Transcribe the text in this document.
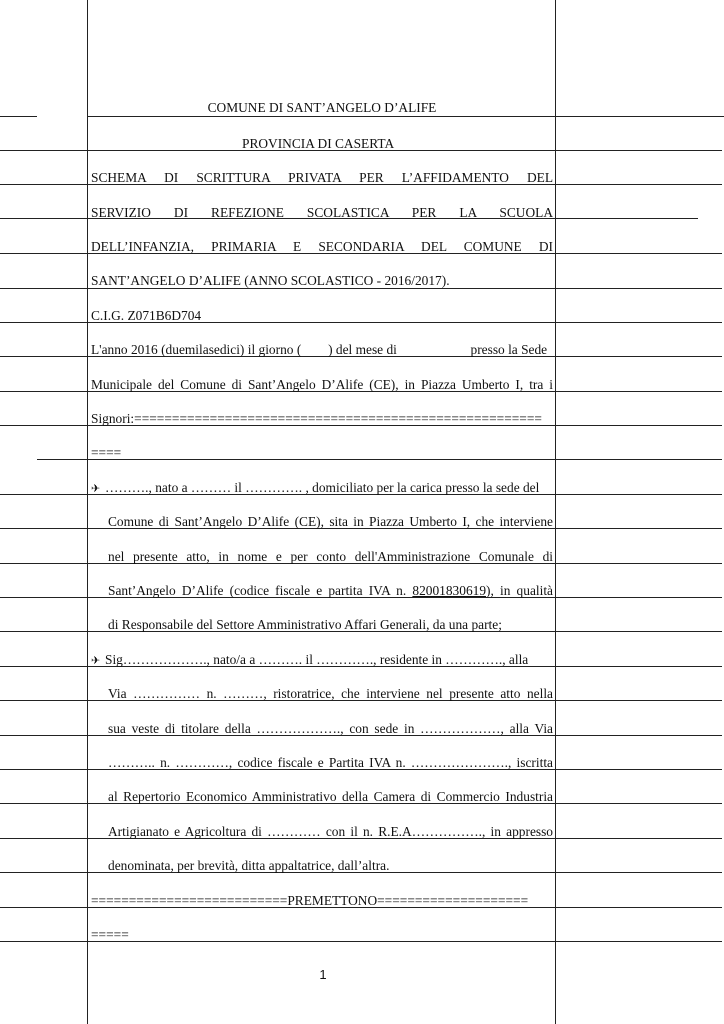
COMUNE DI SANT’ANGELO D’ALIFE
PROVINCIA DI CASERTA
SCHEMA DI SCRITTURA PRIVATA PER L’AFFIDAMENTO DEL
SERVIZIO DI REFEZIONE SCOLASTICA PER LA SCUOLA
DELL’INFANZIA, PRIMARIA E SECONDARIA DEL COMUNE DI
SANT’ANGELO D’ALIFE (ANNO SCOLASTICO - 2016/2017).
C.I.G. Z071B6D704
L'anno 2016 (duemilasedici) il giorno (        ) del mese di                      presso la Sede
Municipale del Comune di Sant’Angelo D’Alife (CE), in Piazza Umberto I, tra i
Signori:======================================================
====
✈ ………., nato a ……… il …………. , domiciliato per la carica presso la sede del
Comune di Sant’Angelo D’Alife (CE), sita in Piazza Umberto I, che interviene
nel presente atto, in nome e per conto dell'Amministrazione Comunale di
Sant’Angelo D’Alife (codice fiscale e partita IVA n. 82001830619), in qualità
di Responsabile del Settore Amministrativo Affari Generali, da una parte;
✈ Sig………………., nato/a a ………. il …………., residente in …………., alla
Via …………… n. ………, ristoratrice, che interviene nel presente atto nella
sua veste di titolare della ………………., con sede in ………………, alla Via
……….. n. …………, codice fiscale e Partita IVA n. …………………., iscritta
al Repertorio Economico Amministrativo della Camera di Commercio Industria
Artigianato e Agricoltura di ………… con il n. R.E.A……………., in appresso
denominata, per brevità, ditta appaltatrice, dall’altra.
==========================PREMETTONO====================
=====
1
